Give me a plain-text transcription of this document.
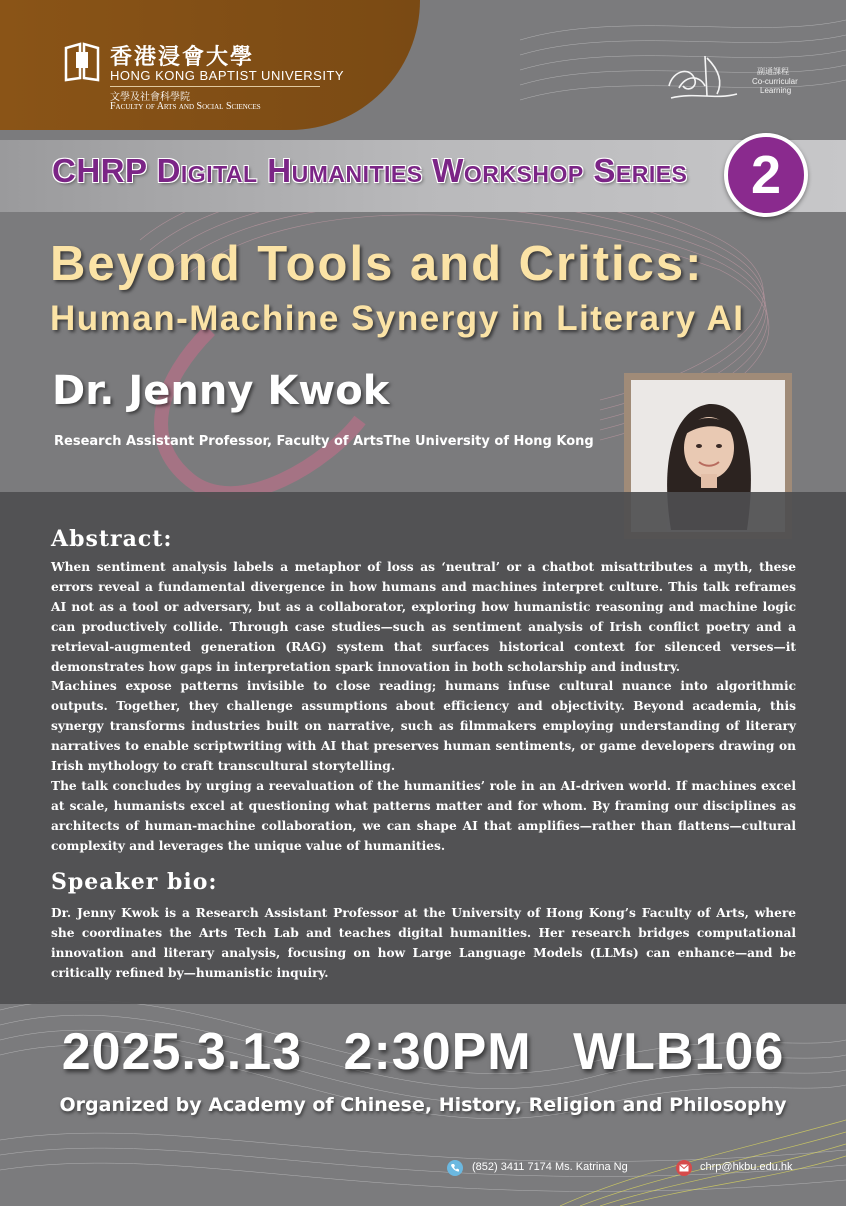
香港浸會大學
HONG KONG BAPTIST UNIVERSITY
文學及社會科學院
Faculty of Arts and Social Sciences
副通課程
Co-curricular
Learning
CHRP Digital Humanities Workshop Series	2
Beyond Tools and Critics:
Human-Machine Synergy in Literary AI
Dr. Jenny Kwok
Research Assistant Professor, Faculty of ArtsThe University of Hong Kong
Abstract:

When sentiment analysis labels a metaphor of loss as ‘neutral’ or a chatbot misattributes a myth, these errors reveal a fundamental divergence in how humans and machines interpret culture. This talk reframes AI not as a tool or adversary, but as a collaborator, exploring how humanistic reasoning and machine logic can productively collide. Through case studies—such as sentiment analysis of Irish conflict poetry and a retrieval-augmented generation (RAG) system that surfaces historical context for silenced verses—it demonstrates how gaps in interpretation spark innovation in both scholarship and industry.

Machines expose patterns invisible to close reading; humans infuse cultural nuance into algorithmic outputs. Together, they challenge assumptions about efficiency and objectivity. Beyond academia, this synergy transforms industries built on narrative, such as filmmakers employing understanding of literary narratives to enable scriptwriting with AI that preserves human sentiments, or game developers drawing on Irish mythology to craft transcultural storytelling.

The talk concludes by urging a reevaluation of the humanities’ role in an AI-driven world. If machines excel at scale, humanists excel at questioning what patterns matter and for whom. By framing our disciplines as architects of human-machine collaboration, we can shape AI that amplifies—rather than flattens—cultural complexity and leverages the unique value of humanities.

Speaker bio:
Dr. Jenny Kwok is a Research Assistant Professor at the University of Hong Kong’s Faculty of Arts, where she coordinates the Arts Tech Lab and teaches digital humanities. Her research bridges computational innovation and literary analysis, focusing on how Large Language Models (LLMs) can enhance—and be critically refined by—humanistic inquiry.
2025.3.13 2:30PM WLB106
Organized by Academy of Chinese, History, Religion and Philosophy
(852) 3411 7174 Ms. Katrina Ng	chrp@hkbu.edu.hk
